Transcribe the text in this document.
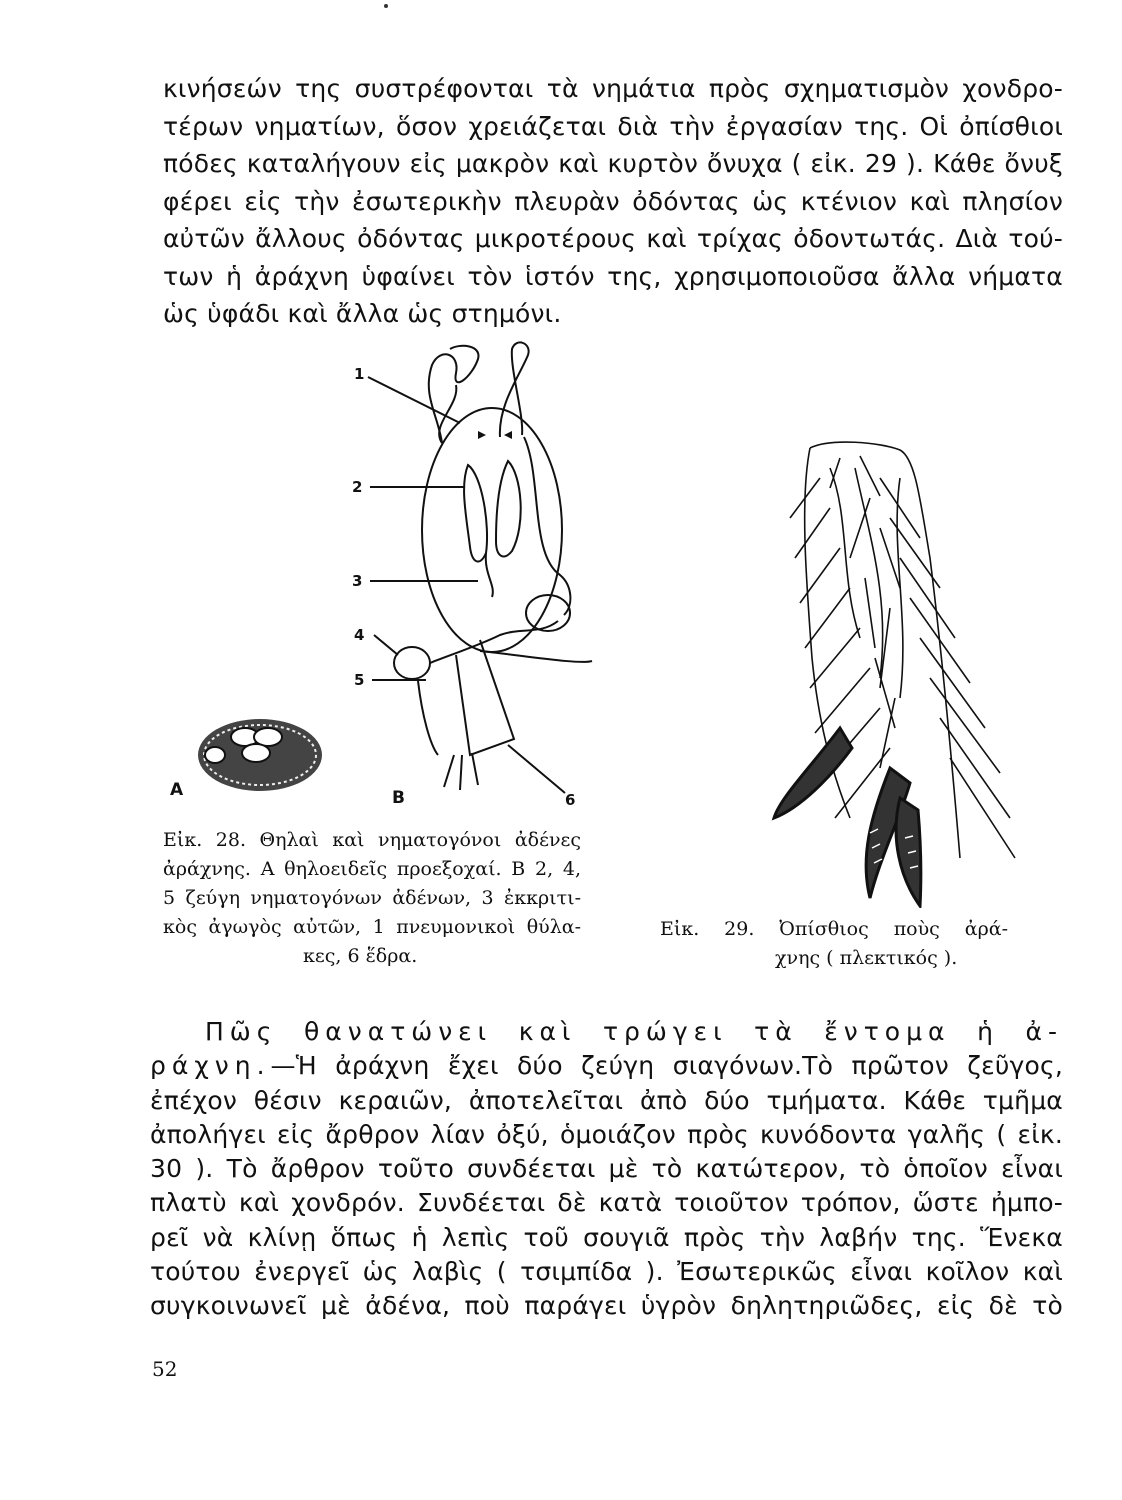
κινήσεών της συστρέφονται τὰ νημάτια πρὸς σχηματισμὸν χονδρο-
τέρων νηματίων, ὅσον χρειάζεται διὰ τὴν ἐργασίαν της. Οἱ ὀπίσθιοι
πόδες καταλήγουν εἰς μακρὸν καὶ κυρτὸν ὄνυχα ( εἰκ. 29 ). Κάθε ὄνυξ
φέρει εἰς τὴν ἐσωτερικὴν πλευρὰν ὀδόντας ὡς κτένιον καὶ πλησίον
αὐτῶν ἄλλους ὀδόντας μικροτέρους καὶ τρίχας ὀδοντωτάς. Διὰ τού-
των ἡ ἀράχνη ὑφαίνει τὸν ἱστόν της, χρησιμοποιοῦσα ἄλλα νήματα
ὡς ὑφάδι καὶ ἄλλα ὡς στημόνι.
1
2
3
4
5
6
A	B
Εἰκ. 28. Θηλαὶ καὶ νηματογόνοι ἀδένες
ἀράχνης. A θηλοειδεῖς προεξοχαί. B 2, 4,
5 ζεύγη νηματογόνων ἀδένων, 3 ἐκκριτι-
κὸς ἀγωγὸς αὐτῶν, 1 πνευμονικοὶ θύλα-
κες, 6 ἕδρα.
Εἰκ. 29. Ὀπίσθιος ποὺς ἀρά-
χνης ( πλεκτικός ).
Πῶς θανατώνει καὶ τρώγει τὰ ἔντομα ἡ ἀ-
ράχνη.—Ἡ ἀράχνη ἔχει δύο ζεύγη σιαγόνων.Τὸ πρῶτον ζεῦγος,
ἐπέχον θέσιν κεραιῶν, ἀποτελεῖται ἀπὸ δύο τμήματα. Κάθε τμῆμα
ἀπολήγει εἰς ἄρθρον λίαν ὀξύ, ὁμοιάζον πρὸς κυνόδοντα γαλῆς ( εἰκ.
30 ). Τὸ ἄρθρον τοῦτο συνδέεται μὲ τὸ κατώτερον, τὸ ὁποῖον εἶναι
πλατὺ καὶ χονδρόν. Συνδέεται δὲ κατὰ τοιοῦτον τρόπον, ὥστε ἠμπο-
ρεῖ νὰ κλίνῃ ὅπως ἡ λεπὶς τοῦ σουγιᾶ πρὸς τὴν λαβήν της. Ἕνεκα
τούτου ἐνεργεῖ ὡς λαβὶς ( τσιμπίδα ). Ἐσωτερικῶς εἶναι κοῖλον καὶ
συγκοινωνεῖ μὲ ἀδένα, ποὺ παράγει ὑγρὸν δηλητηριῶδες, εἰς δὲ τὸ
52
